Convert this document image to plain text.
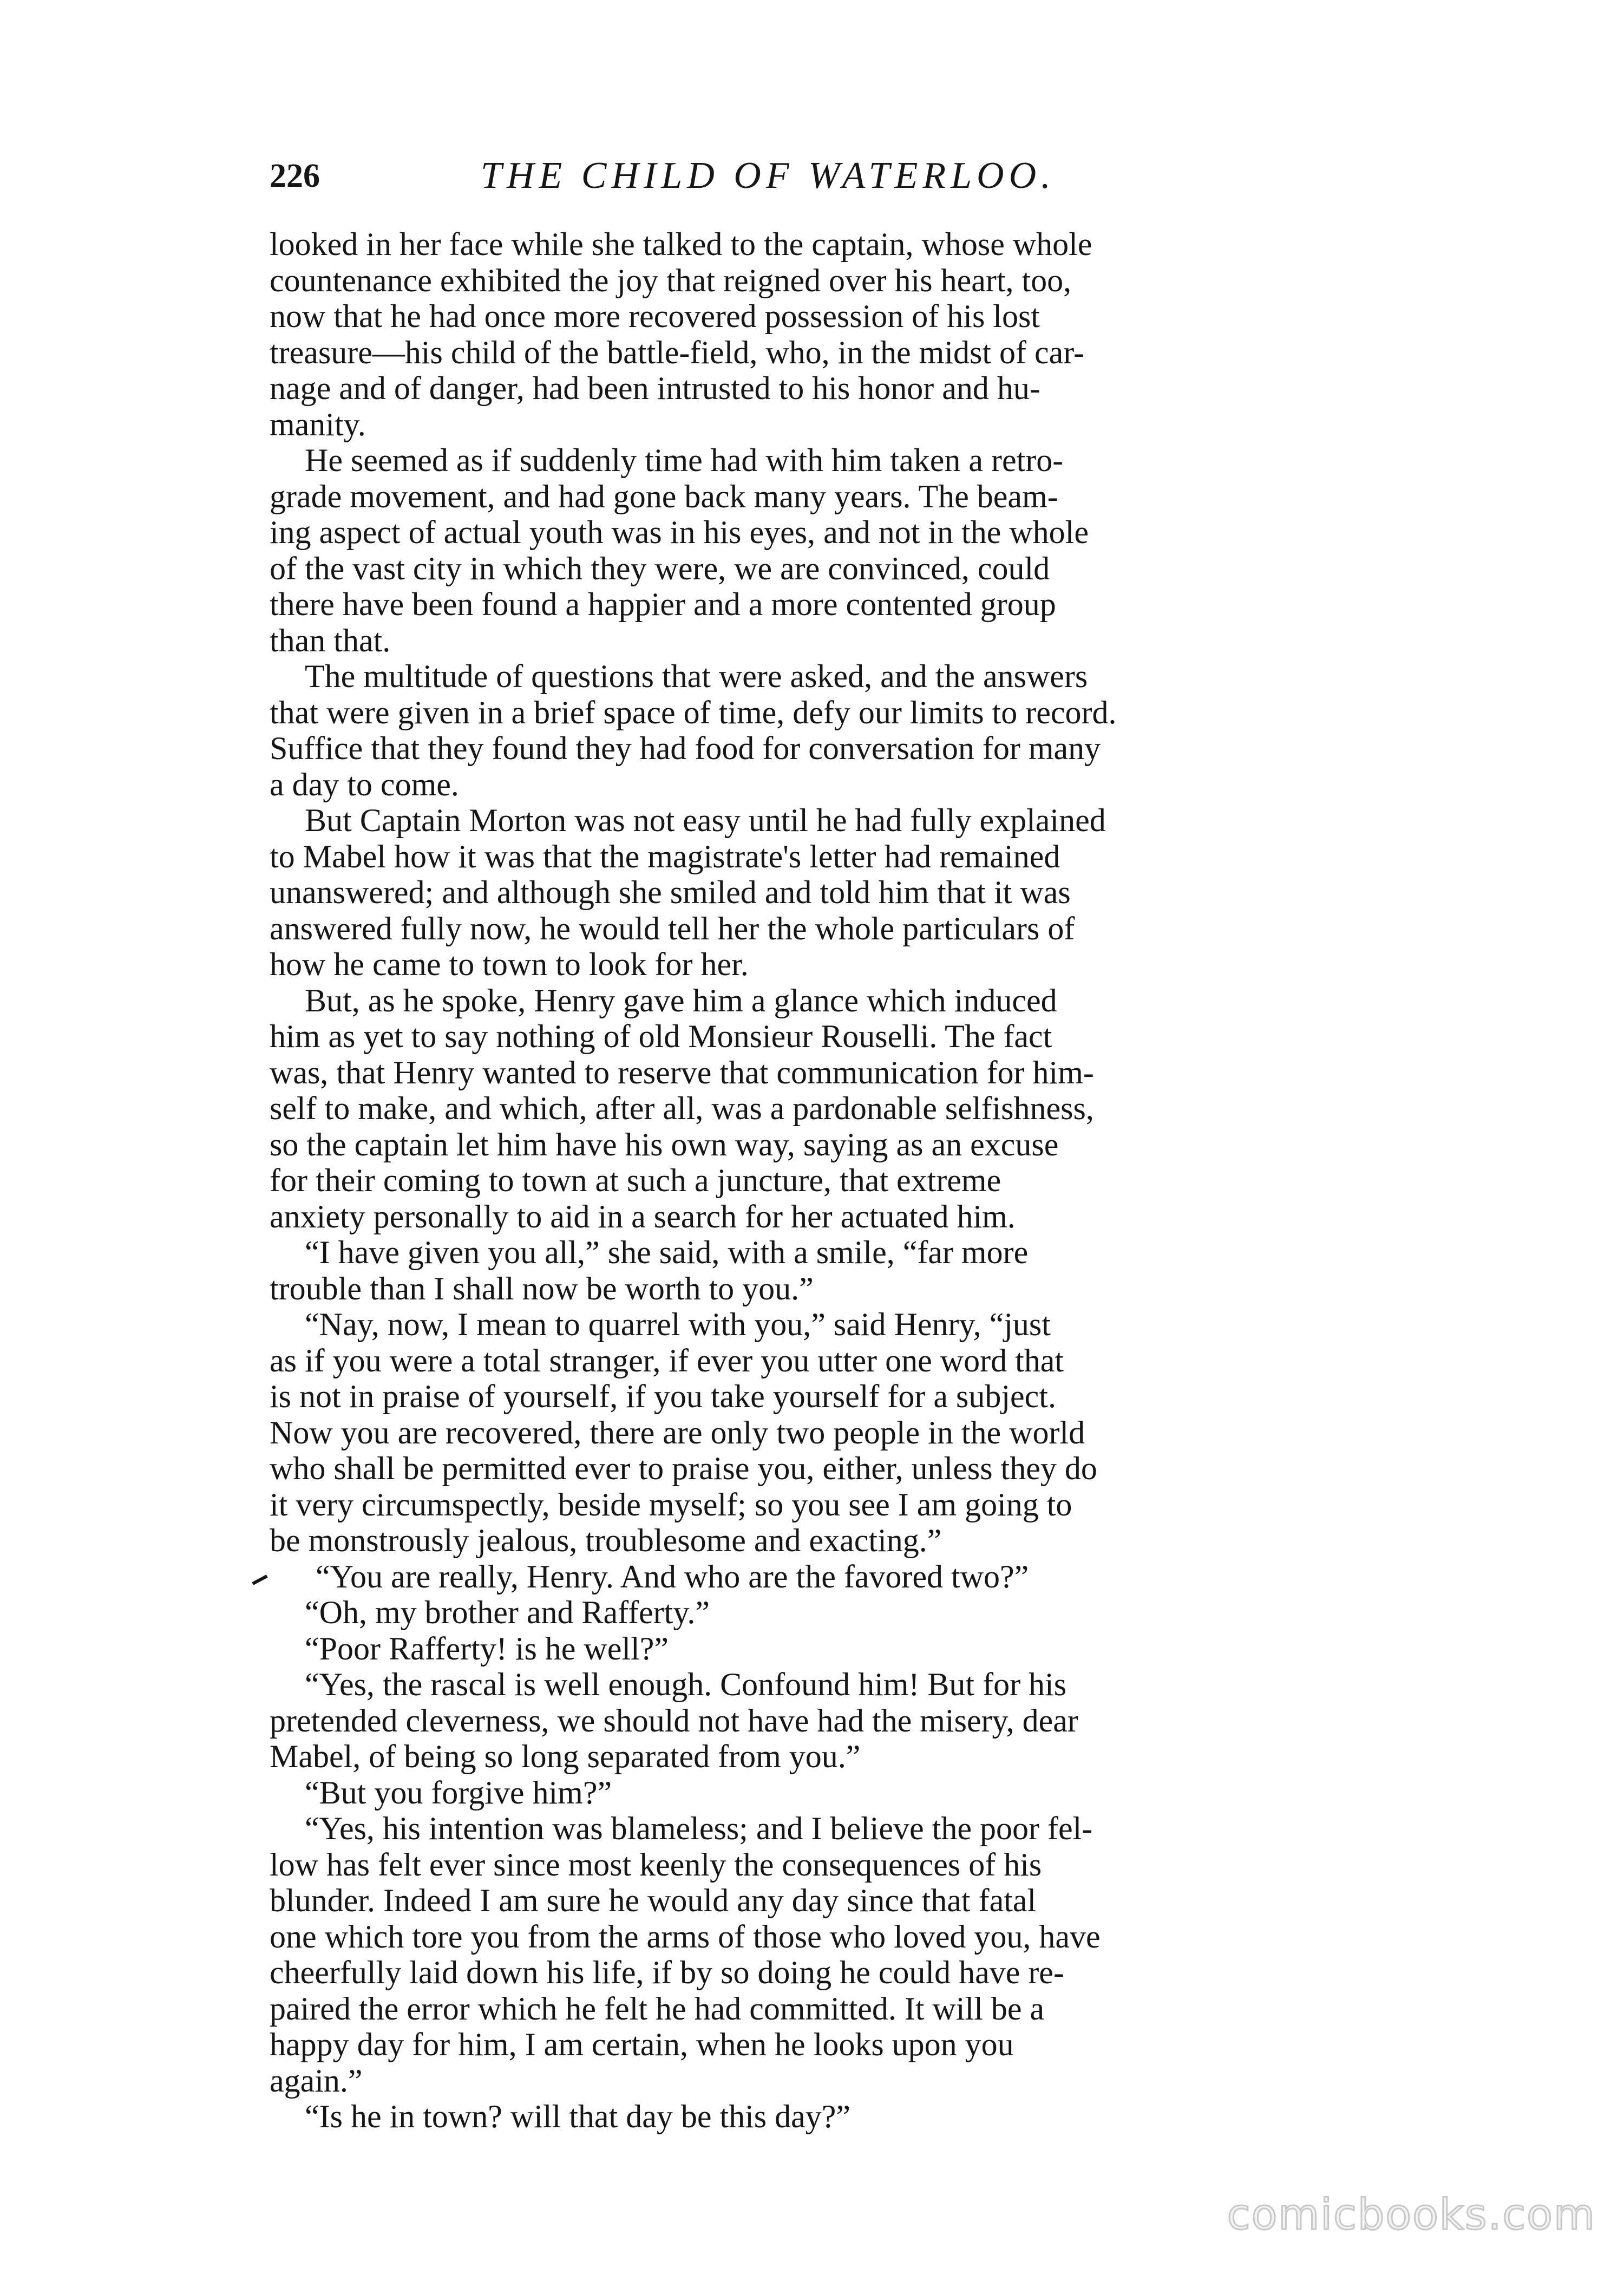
226	THE CHILD OF WATERLOO.
looked in her face while she talked to the captain, whose whole
countenance exhibited the joy that reigned over his heart, too,
now that he had once more recovered possession of his lost
treasure—his child of the battle-field, who, in the midst of car-
nage and of danger, had been intrusted to his honor and hu-
manity.
He seemed as if suddenly time had with him taken a retro-
grade movement, and had gone back many years. The beam-
ing aspect of actual youth was in his eyes, and not in the whole
of the vast city in which they were, we are convinced, could
there have been found a happier and a more contented group
than that.
The multitude of questions that were asked, and the answers
that were given in a brief space of time, defy our limits to record.
Suffice that they found they had food for conversation for many
a day to come.
But Captain Morton was not easy until he had fully explained
to Mabel how it was that the magistrate's letter had remained
unanswered; and although she smiled and told him that it was
answered fully now, he would tell her the whole particulars of
how he came to town to look for her.
But, as he spoke, Henry gave him a glance which induced
him as yet to say nothing of old Monsieur Rouselli. The fact
was, that Henry wanted to reserve that communication for him-
self to make, and which, after all, was a pardonable selfishness,
so the captain let him have his own way, saying as an excuse
for their coming to town at such a juncture, that extreme
anxiety personally to aid in a search for her actuated him.
“I have given you all,” she said, with a smile, “far more
trouble than I shall now be worth to you.”
“Nay, now, I mean to quarrel with you,” said Henry, “just
as if you were a total stranger, if ever you utter one word that
is not in praise of yourself, if you take yourself for a subject.
Now you are recovered, there are only two people in the world
who shall be permitted ever to praise you, either, unless they do
it very circumspectly, beside myself; so you see I am going to
be monstrously jealous, troublesome and exacting.”
“You are really, Henry. And who are the favored two?”
“Oh, my brother and Rafferty.”
“Poor Rafferty! is he well?”
“Yes, the rascal is well enough. Confound him! But for his
pretended cleverness, we should not have had the misery, dear
Mabel, of being so long separated from you.”
“But you forgive him?”
“Yes, his intention was blameless; and I believe the poor fel-
low has felt ever since most keenly the consequences of his
blunder. Indeed I am sure he would any day since that fatal
one which tore you from the arms of those who loved you, have
cheerfully laid down his life, if by so doing he could have re-
paired the error which he felt he had committed. It will be a
happy day for him, I am certain, when he looks upon you
again.”
“Is he in town? will that day be this day?”
comicbooks.com
